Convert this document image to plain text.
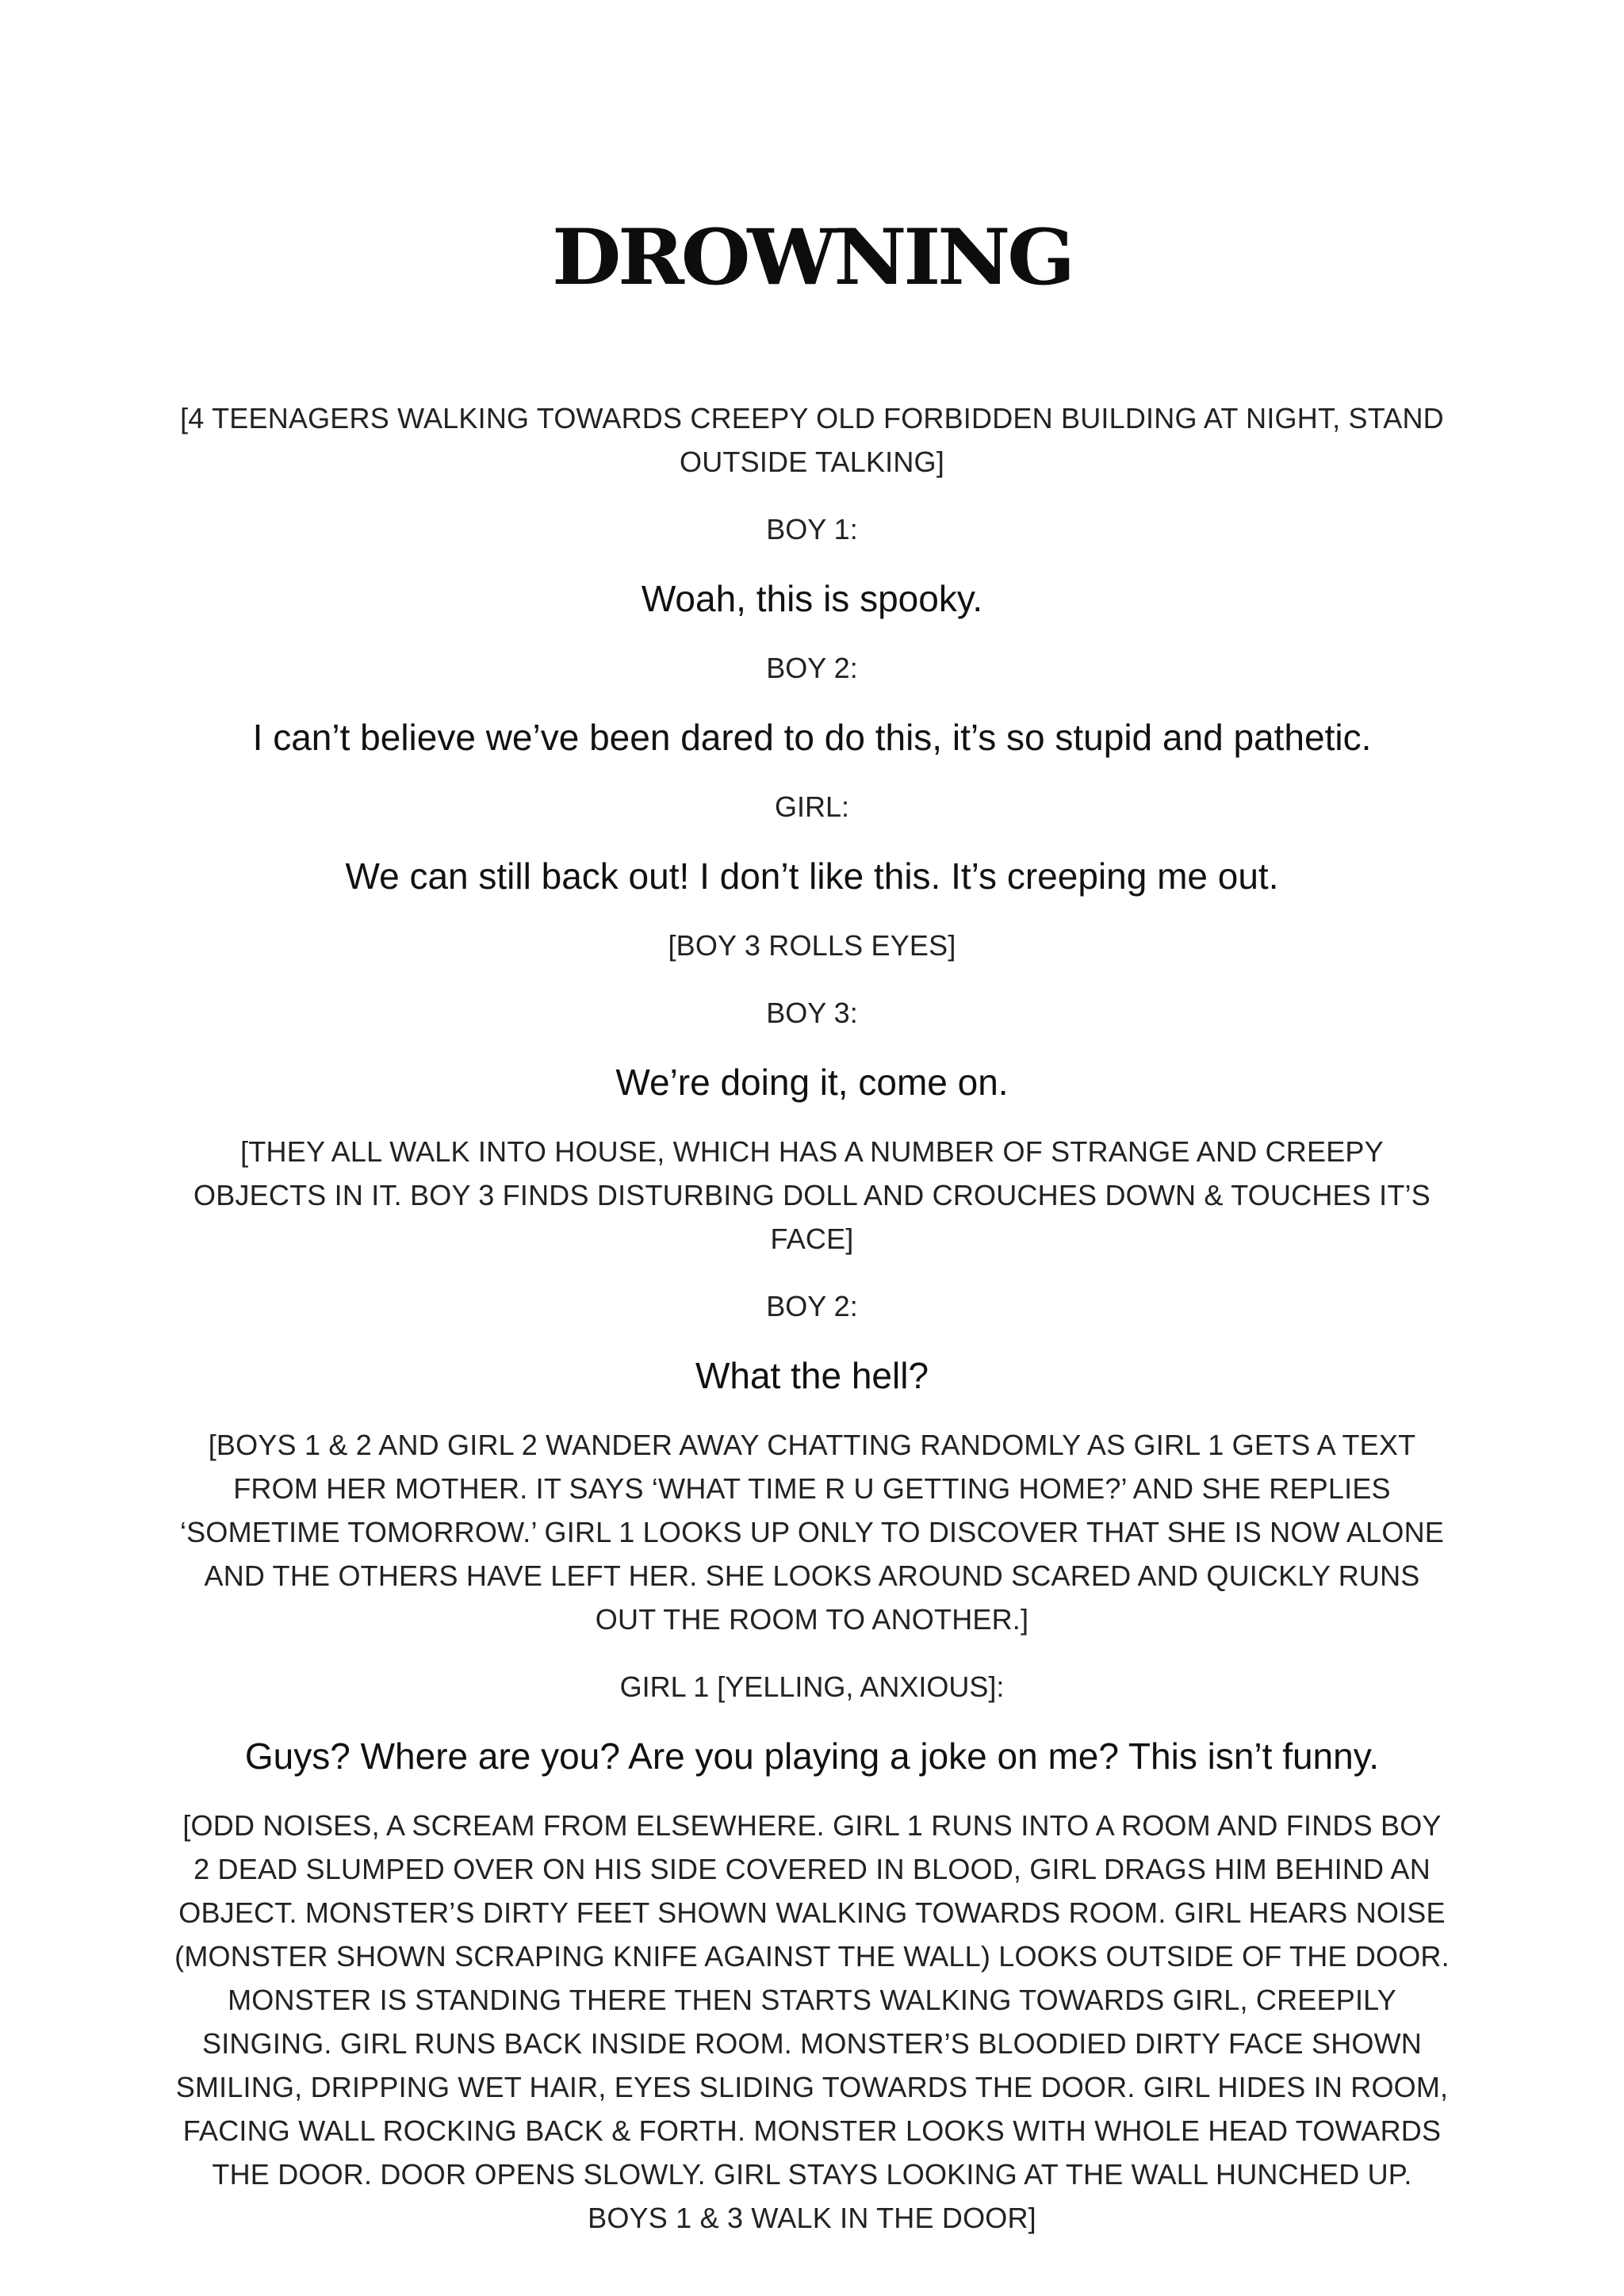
DROWNING

[4 TEENAGERS WALKING TOWARDS CREEPY OLD FORBIDDEN BUILDING AT NIGHT, STAND OUTSIDE TALKING]

BOY 1:

Woah, this is spooky.

BOY 2:

I can’t believe we’ve been dared to do this, it’s so stupid and pathetic.

GIRL:

We can still back out! I don’t like this. It’s creeping me out.

[BOY 3 ROLLS EYES]

BOY 3:

We’re doing it, come on.

[THEY ALL WALK INTO HOUSE, WHICH HAS A NUMBER OF STRANGE AND CREEPY OBJECTS IN IT. BOY 3 FINDS DISTURBING DOLL AND CROUCHES DOWN & TOUCHES IT’S FACE]

BOY 2:

What the hell?

[BOYS 1 & 2 AND GIRL 2 WANDER AWAY CHATTING RANDOMLY AS GIRL 1 GETS A TEXT FROM HER MOTHER. IT SAYS ‘WHAT TIME R U GETTING HOME?’ AND SHE REPLIES ‘SOMETIME TOMORROW.’ GIRL 1 LOOKS UP ONLY TO DISCOVER THAT SHE IS NOW ALONE AND THE OTHERS HAVE LEFT HER. SHE LOOKS AROUND SCARED AND QUICKLY RUNS OUT THE ROOM TO ANOTHER.]

GIRL 1 [YELLING, ANXIOUS]:

Guys? Where are you? Are you playing a joke on me? This isn’t funny.

[ODD NOISES, A SCREAM FROM ELSEWHERE. GIRL 1 RUNS INTO A ROOM AND FINDS BOY 2 DEAD SLUMPED OVER ON HIS SIDE COVERED IN BLOOD, GIRL DRAGS HIM BEHIND AN OBJECT. MONSTER’S DIRTY FEET SHOWN WALKING TOWARDS ROOM. GIRL HEARS NOISE (MONSTER SHOWN SCRAPING KNIFE AGAINST THE WALL) LOOKS OUTSIDE OF THE DOOR. MONSTER IS STANDING THERE THEN STARTS WALKING TOWARDS GIRL, CREEPILY SINGING. GIRL RUNS BACK INSIDE ROOM. MONSTER’S BLOODIED DIRTY FACE SHOWN SMILING, DRIPPING WET HAIR, EYES SLIDING TOWARDS THE DOOR. GIRL HIDES IN ROOM, FACING WALL ROCKING BACK & FORTH. MONSTER LOOKS WITH WHOLE HEAD TOWARDS THE DOOR. DOOR OPENS SLOWLY. GIRL STAYS LOOKING AT THE WALL HUNCHED UP. BOYS 1 & 3 WALK IN THE DOOR]
